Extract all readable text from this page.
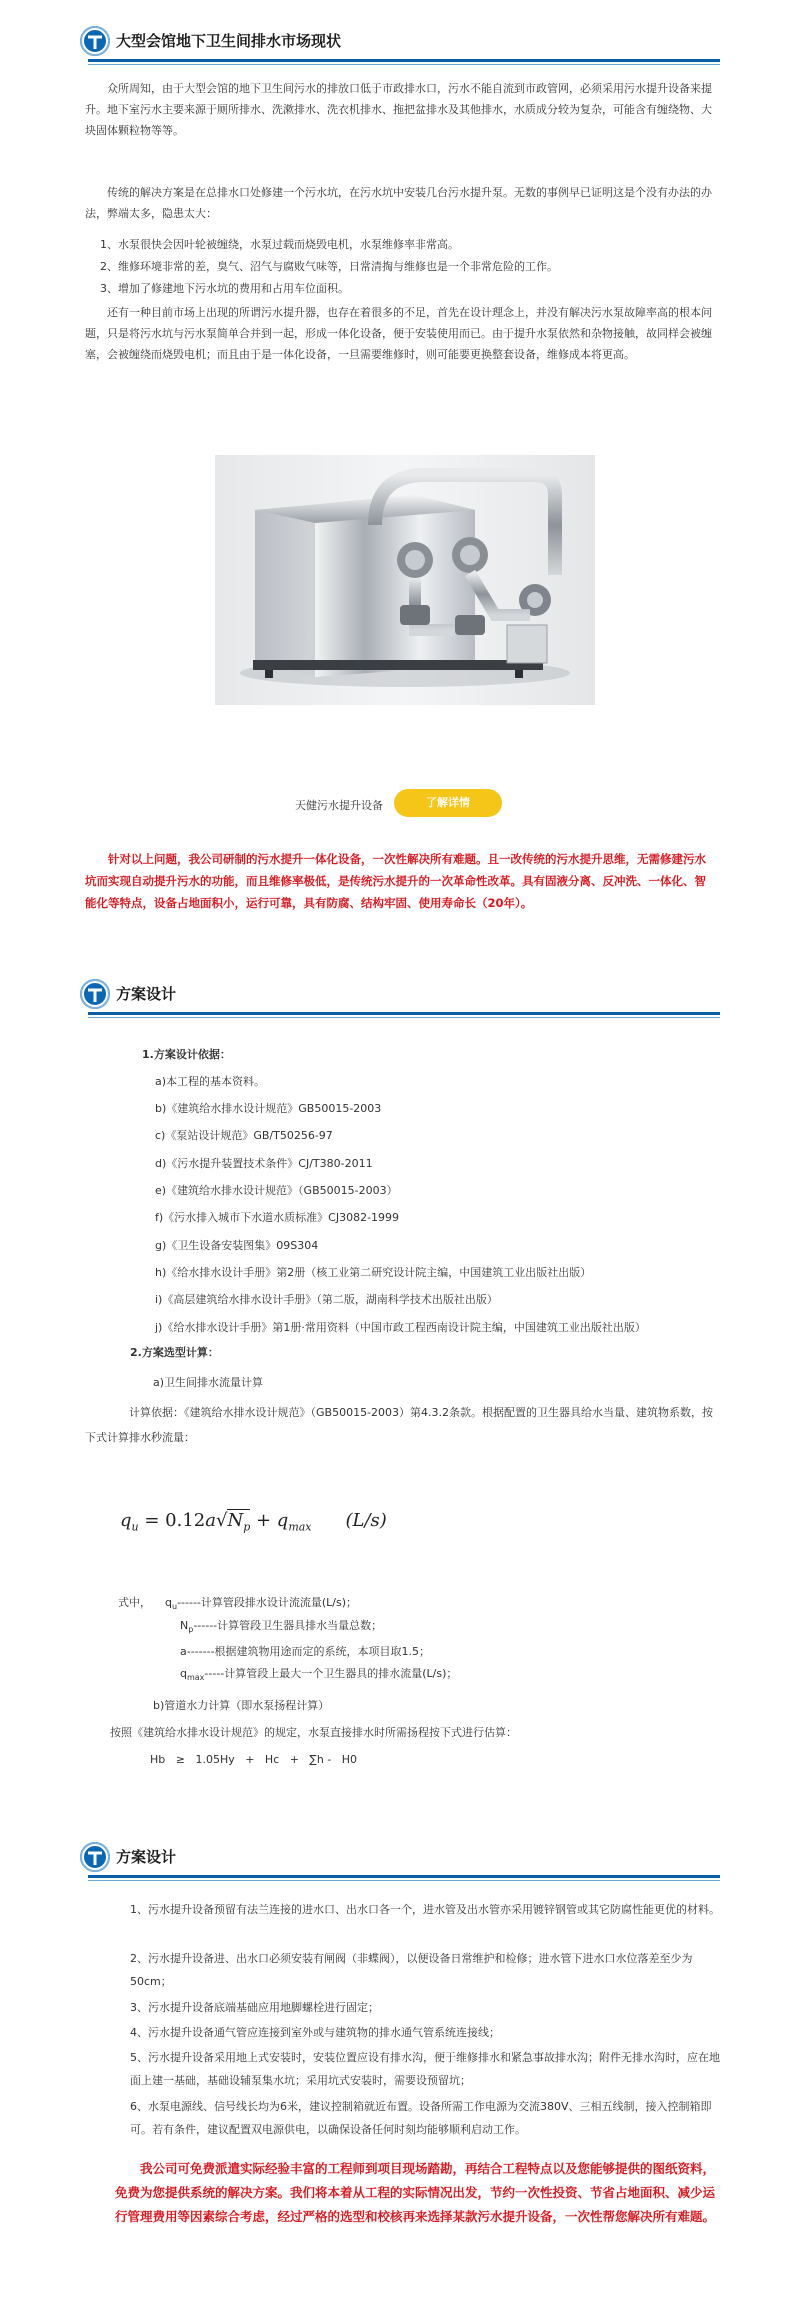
大型会馆地下卫生间排水市场现状

众所周知，由于大型会馆的地下卫生间污水的排放口低于市政排水口，污水不能自流到市政管网，必须采用污水提升设备来提升。地下室污水主要来源于厕所排水、洗漱排水、洗衣机排水、拖把盆排水及其他排水，水质成分较为复杂，可能含有缠绕物、大块固体颗粒物等等。

传统的解决方案是在总排水口处修建一个污水坑，在污水坑中安装几台污水提升泵。无数的事例早已证明这是个没有办法的办法，弊端太多，隐患太大：

1、水泵很快会因叶轮被缠绕，水泵过载而烧毁电机，水泵维修率非常高。

2、维修环境非常的差，臭气、沼气与腐败气味等，日常清掏与维修也是一个非常危险的工作。

3、增加了修建地下污水坑的费用和占用车位面积。

还有一种目前市场上出现的所谓污水提升器，也存在着很多的不足，首先在设计理念上，并没有解决污水泵故障率高的根本问题，只是将污水坑与污水泵简单合并到一起，形成一体化设备，便于安装使用而已。由于提升水泵依然和杂物接触，故同样会被缠塞，会被缠绕而烧毁电机；而且由于是一体化设备，一旦需要维修时，则可能要更换整套设备，维修成本将更高。

天健污水提升设备	了解详情

针对以上问题，我公司研制的污水提升一体化设备，一次性解决所有难题。且一改传统的污水提升思维，无需修建污水坑而实现自动提升污水的功能，而且维修率极低，是传统污水提升的一次革命性改革。具有固液分离、反冲洗、一体化、智能化等特点，设备占地面积小，运行可靠，具有防腐、结构牢固、使用寿命长（20年）。

方案设计
1.方案设计依据：
a)本工程的基本资料。
b)《建筑给水排水设计规范》GB50015-2003
c)《泵站设计规范》GB/T50256-97
d)《污水提升装置技术条件》CJ/T380-2011
e)《建筑给水排水设计规范》（GB50015-2003）
f)《污水排入城市下水道水质标准》CJ3082-1999
g)《卫生设备安装图集》09S304
h)《给水排水设计手册》第2册（核工业第二研究设计院主编，中国建筑工业出版社出版）
i)《高层建筑给水排水设计手册》（第二版，湖南科学技术出版社出版）
j)《给水排水设计手册》第1册·常用资料（中国市政工程西南设计院主编，中国建筑工业出版社出版）
2.方案选型计算：
a)卫生间排水流量计算

计算依据：《建筑给水排水设计规范》（GB50015-2003）第4.3.2条款。根据配置的卫生器具给水当量、建筑物系数，按下式计算排水秒流量：

$q_u = 0.12a√N_p + q_{max}$ (L/s)
式中， $q_u------$计算管段排水设计流流量(L/s)；
$N_p------$计算管段卫生器具排水当量总数；
a-------根据建筑物用途而定的系统，本项目取1.5；
$q_{max}-----$计算管段上最大一个卫生器具的排水流量(L/s)；
b)管道水力计算（即水泵扬程计算）
按照《建筑给水排水设计规范》的规定，水泵直接排水时所需扬程按下式进行估算：
Hb   ≥   1.05Hy   +   Hc   +   ∑h -   H0
方案设计

1、污水提升设备预留有法兰连接的进水口、出水口各一个，进水管及出水管亦采用镀锌钢管或其它防腐性能更优的材料。

2、污水提升设备进、出水口必须安装有闸阀（非蝶阀），以便设备日常维护和检修；进水管下进水口水位落差至少为50cm；

3、污水提升设备底端基础应用地脚螺栓进行固定；

4、污水提升设备通气管应连接到室外或与建筑物的排水通气管系统连接线；

5、污水提升设备采用地上式安装时，安装位置应设有排水沟，便于维修排水和紧急事故排水沟；附件无排水沟时，应在地面上建一基础，基础设辅泵集水坑；采用坑式安装时，需要设预留坑；

6、水泵电源线、信号线长均为6米，建议控制箱就近布置。设备所需工作电源为交流380V、三相五线制，接入控制箱即可。若有条件，建议配置双电源供电，以确保设备任何时刻均能够顺利启动工作。

我公司可免费派遣实际经验丰富的工程师到项目现场踏勘，再结合工程特点以及您能够提供的图纸资料，免费为您提供系统的解决方案。我们将本着从工程的实际情况出发，节约一次性投资、节省占地面积、减少运行管理费用等因素综合考虑，经过严格的选型和校核再来选择某款污水提升设备，一次性帮您解决所有难题。
